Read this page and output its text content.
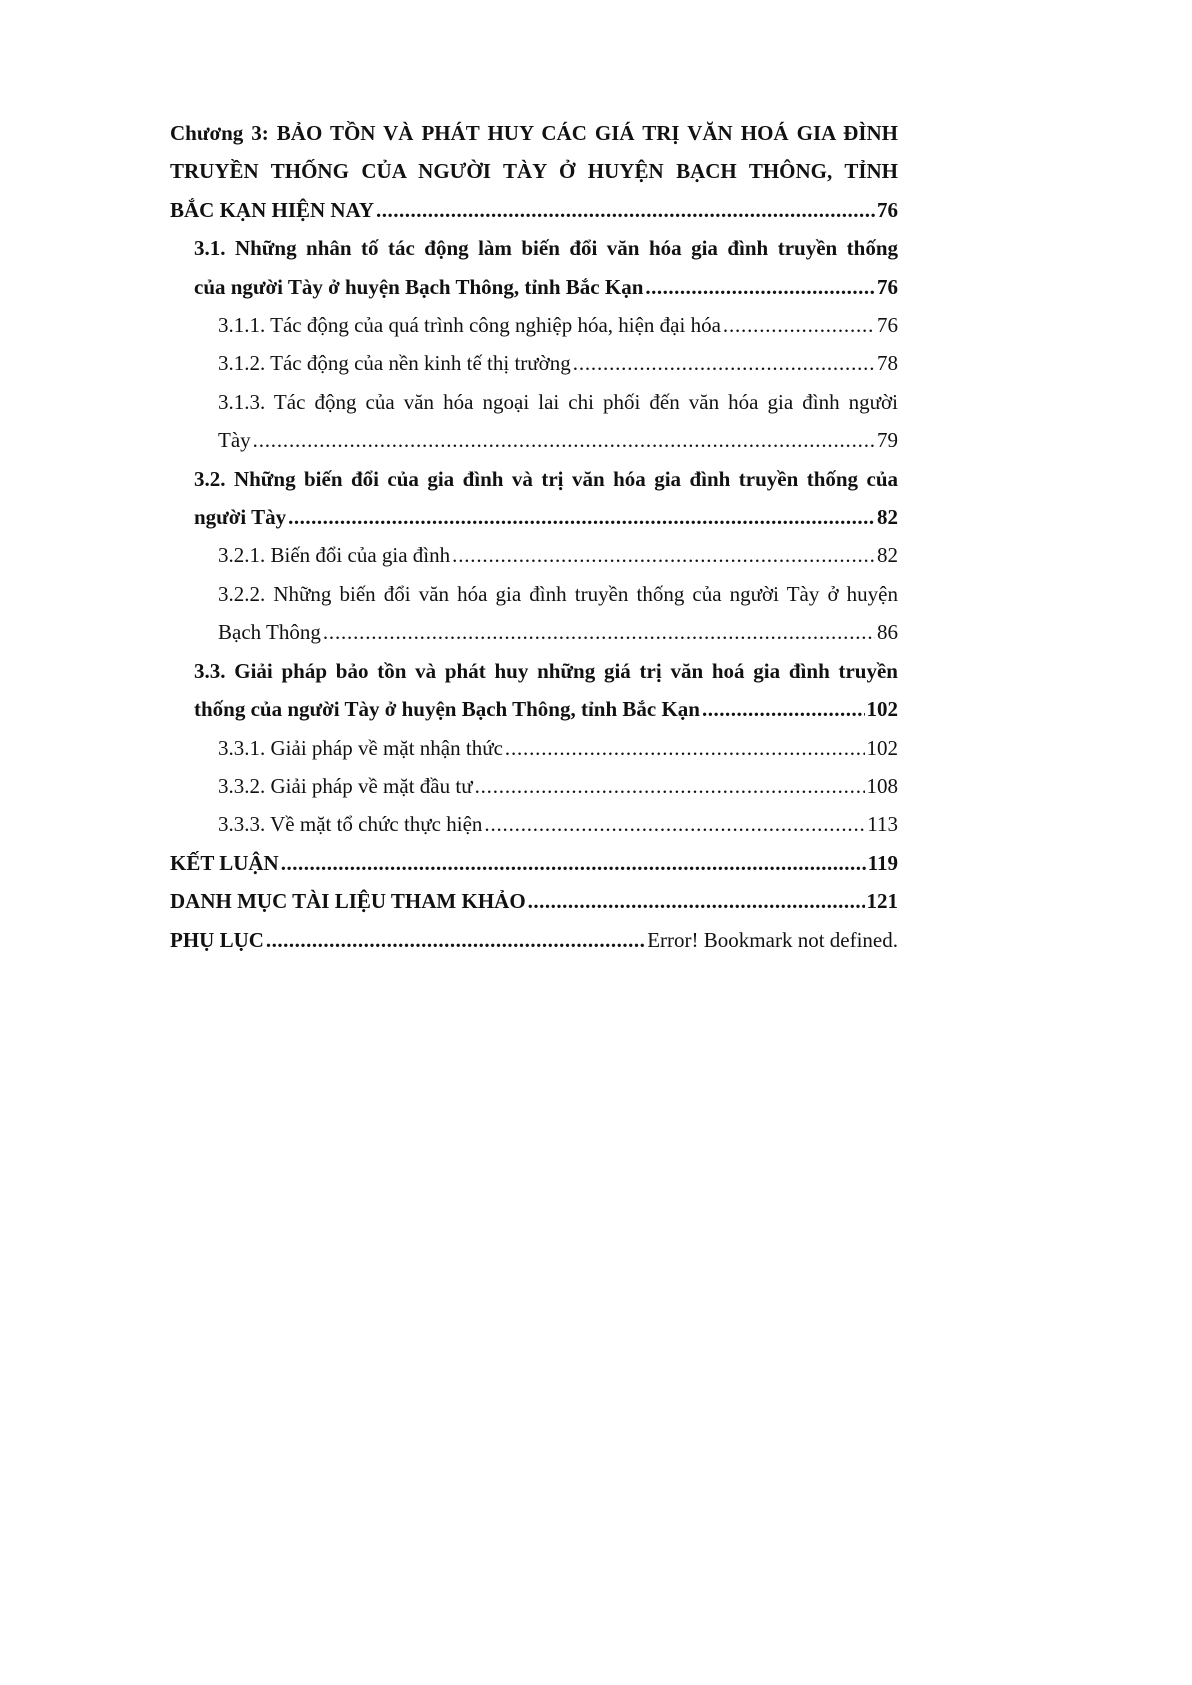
Chương 3: BẢO TỒN VÀ PHÁT HUY CÁC GIÁ TRỊ VĂN HOÁ GIA ĐÌNH
TRUYỀN THỐNG CỦA NGƯỜI TÀY Ở HUYỆN BẠCH THÔNG, TỈNH
BẮC KẠN HIỆN NAY .....	76
3.1. Những nhân tố tác động làm biến đổi văn hóa gia đình truyền thống
của người Tày ở huyện Bạch Thông, tỉnh Bắc Kạn .....	76
3.1.1. Tác động của quá trình công nghiệp hóa, hiện đại hóa .....	76
3.1.2. Tác động của nền kinh tế thị trường .....	78
3.1.3. Tác động của văn hóa ngoại lai chi phối đến văn hóa gia đình người
Tày .....	79
3.2. Những biến đổi của gia đình và trị văn hóa gia đình truyền thống của
người Tày .....	82
3.2.1. Biến đổi của gia đình .....	82
3.2.2. Những biến đổi văn hóa gia đình truyền thống của người Tày ở huyện
Bạch Thông .....	86
3.3. Giải pháp bảo tồn và phát huy những giá trị văn hoá gia đình truyền
thống của người Tày ở huyện Bạch Thông, tỉnh Bắc Kạn .....	102
3.3.1. Giải pháp về mặt nhận thức .....	102
3.3.2. Giải pháp về mặt đầu tư .....	108
3.3.3. Về mặt tổ chức thực hiện .....	113
KẾT LUẬN .....	119
DANH MỤC TÀI LIỆU THAM KHẢO .....	121
PHỤ LỤC .....	Error! Bookmark not defined.
